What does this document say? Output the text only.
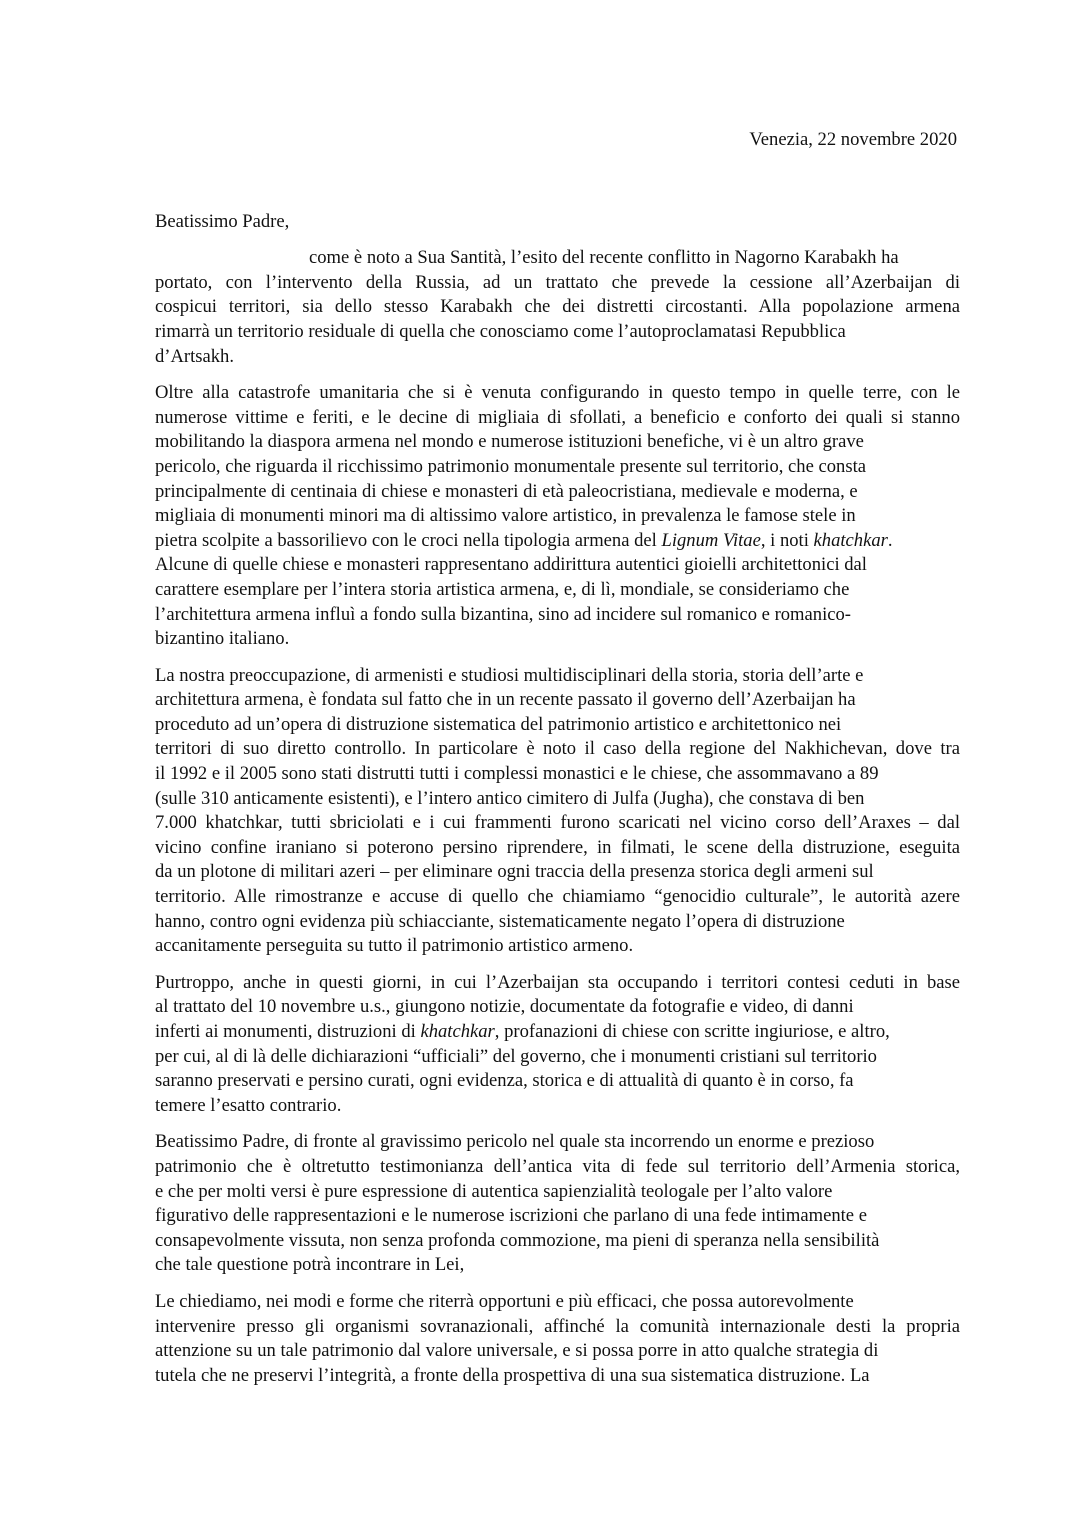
Venezia, 22 novembre 2020
Beatissimo Padre,
come è noto a Sua Santità, l’esito del recente conflitto in Nagorno Karabakh ha
portato, con l’intervento della Russia, ad un trattato che prevede la cessione all’Azerbaijan di
cospicui territori, sia dello stesso Karabakh che dei distretti circostanti. Alla popolazione armena
rimarrà un territorio residuale di quella che conosciamo come l’autoproclamatasi Repubblica
d’Artsakh.
Oltre alla catastrofe umanitaria che si è venuta configurando in questo tempo in quelle terre, con le
numerose vittime e feriti, e le decine di migliaia di sfollati, a beneficio e conforto dei quali si stanno
mobilitando la diaspora armena nel mondo e numerose istituzioni benefiche, vi è un altro grave
pericolo, che riguarda il ricchissimo patrimonio monumentale presente sul territorio, che consta
principalmente di centinaia di chiese e monasteri di età paleocristiana, medievale e moderna, e
migliaia di monumenti minori ma di altissimo valore artistico, in prevalenza le famose stele in
pietra scolpite a bassorilievo con le croci nella tipologia armena del Lignum Vitae, i noti khatchkar.
Alcune di quelle chiese e monasteri rappresentano addirittura autentici gioielli architettonici dal
carattere esemplare per l’intera storia artistica armena, e, di lì, mondiale, se consideriamo che
l’architettura armena influì a fondo sulla bizantina, sino ad incidere sul romanico e romanico-
bizantino italiano.
La nostra preoccupazione, di armenisti e studiosi multidisciplinari della storia, storia dell’arte e
architettura armena, è fondata sul fatto che in un recente passato il governo dell’Azerbaijan ha
proceduto ad un’opera di distruzione sistematica del patrimonio artistico e architettonico nei
territori di suo diretto controllo. In particolare è noto il caso della regione del Nakhichevan, dove tra
il 1992 e il 2005 sono stati distrutti tutti i complessi monastici e le chiese, che assommavano a 89
(sulle 310 anticamente esistenti), e l’intero antico cimitero di Julfa (Jugha), che constava di ben
7.000 khatchkar, tutti sbriciolati e i cui frammenti furono scaricati nel vicino corso dell’Araxes – dal
vicino confine iraniano si poterono persino riprendere, in filmati, le scene della distruzione, eseguita
da un plotone di militari azeri – per eliminare ogni traccia della presenza storica degli armeni sul
territorio. Alle rimostranze e accuse di quello che chiamiamo “genocidio culturale”, le autorità azere
hanno, contro ogni evidenza più schiacciante, sistematicamente negato l’opera di distruzione
accanitamente perseguita su tutto il patrimonio artistico armeno.
Purtroppo, anche in questi giorni, in cui l’Azerbaijan sta occupando i territori contesi ceduti in base
al trattato del 10 novembre u.s., giungono notizie, documentate da fotografie e video, di danni
inferti ai monumenti, distruzioni di khatchkar, profanazioni di chiese con scritte ingiuriose, e altro,
per cui, al di là delle dichiarazioni “ufficiali” del governo, che i monumenti cristiani sul territorio
saranno preservati e persino curati, ogni evidenza, storica e di attualità di quanto è in corso, fa
temere l’esatto contrario.
Beatissimo Padre, di fronte al gravissimo pericolo nel quale sta incorrendo un enorme e prezioso
patrimonio che è oltretutto testimonianza dell’antica vita di fede sul territorio dell’Armenia storica,
e che per molti versi è pure espressione di autentica sapienzialità teologale per l’alto valore
figurativo delle rappresentazioni e le numerose iscrizioni che parlano di una fede intimamente e
consapevolmente vissuta, non senza profonda commozione, ma pieni di speranza nella sensibilità
che tale questione potrà incontrare in Lei,
Le chiediamo, nei modi e forme che riterrà opportuni e più efficaci, che possa autorevolmente
intervenire presso gli organismi sovranazionali, affinché la comunità internazionale desti la propria
attenzione su un tale patrimonio dal valore universale, e si possa porre in atto qualche strategia di
tutela che ne preservi l’integrità, a fronte della prospettiva di una sua sistematica distruzione. La
